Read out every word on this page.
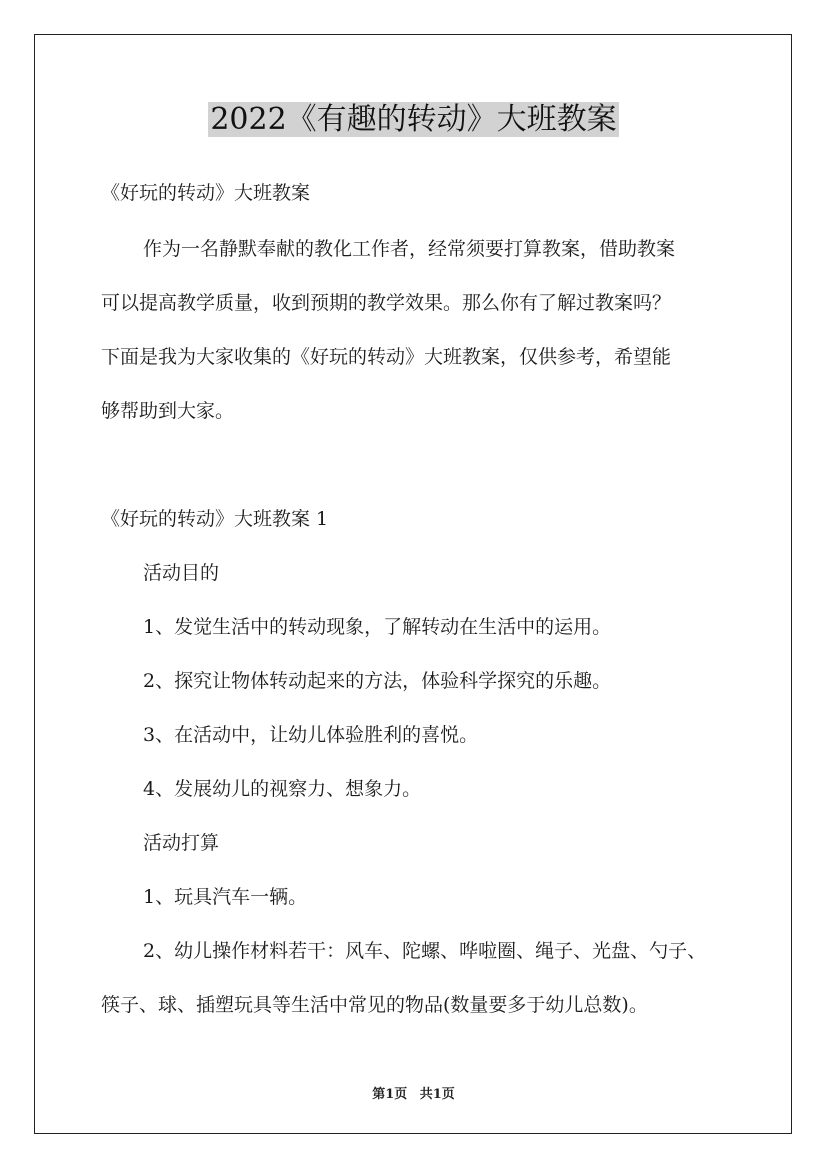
2022《有趣的转动》大班教案
《好玩的转动》大班教案
作为一名静默奉献的教化工作者，经常须要打算教案，借助教案
可以提高教学质量，收到预期的教学效果。那么你有了解过教案吗？
下面是我为大家收集的《好玩的转动》大班教案，仅供参考，希望能
够帮助到大家。
《好玩的转动》大班教案 1
活动目的
1、发觉生活中的转动现象，了解转动在生活中的运用。
2、探究让物体转动起来的方法，体验科学探究的乐趣。
3、在活动中，让幼儿体验胜利的喜悦。
4、发展幼儿的视察力、想象力。
活动打算
1、玩具汽车一辆。
2、幼儿操作材料若干：风车、陀螺、哗啦圈、绳子、光盘、勺子、
筷子、球、插塑玩具等生活中常见的物品(数量要多于幼儿总数)。
第1页 共1页
